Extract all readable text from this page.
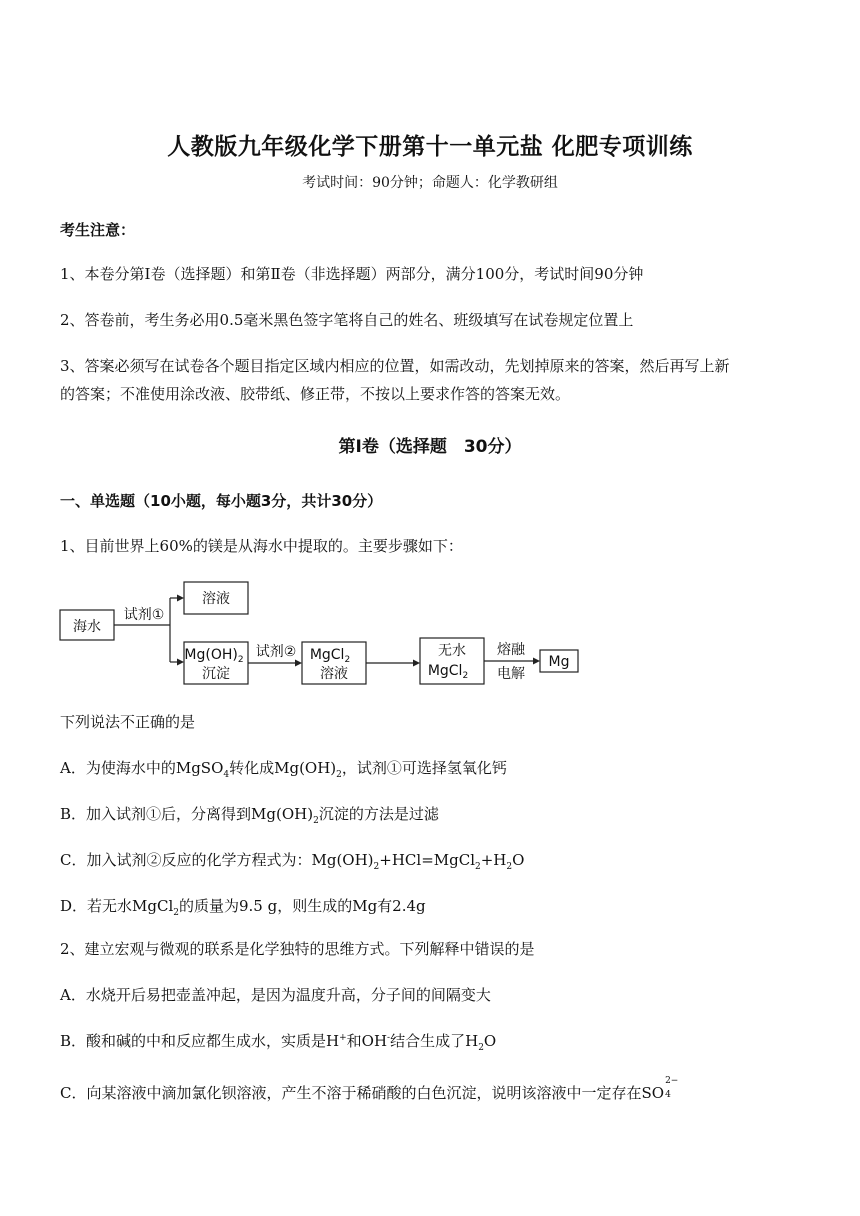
人教版九年级化学下册第十一单元盐 化肥专项训练
考试时间：90分钟；命题人：化学教研组
考生注意：
1、本卷分第Ⅰ卷（选择题）和第Ⅱ卷（非选择题）两部分，满分100分，考试时间90分钟
2、答卷前，考生务必用0.5毫米黑色签字笔将自己的姓名、班级填写在试卷规定位置上
3、答案必须写在试卷各个题目指定区域内相应的位置，如需改动，先划掉原来的答案，然后再写上新
的答案；不准使用涂改液、胶带纸、修正带，不按以上要求作答的答案无效。
第Ⅰ卷（选择题　30分）
一、单选题（10小题，每小题3分，共计30分）
1、目前世界上60%的镁是从海水中提取的。主要步骤如下：
海水
试剂①
溶液
$Mg(OH)_2$
沉淀
试剂② MgCl$_2$
溶液
无水
MgCl$_2$
熔融
电解
Mg
下列说法不正确的是
A．为使海水中的MgSO$_4$转化成$Mg(OH)_2$，试剂①可选择氢氧化钙
B．加入试剂①后，分离得到$Mg(OH)_2$沉淀的方法是过滤
C．加入试剂②反应的化学方程式为：$Mg(OH)_2+HCl=MgCl_2+H_2O$
D．若无水MgCl$_2$的质量为9.5 g，则生成的Mg有2.4g
2、建立宏观与微观的联系是化学独特的思维方式。下列解释中错误的是
A．水烧开后易把壶盖冲起，是因为温度升高，分子间的间隔变大
B．酸和碱的中和反应都生成水，实质是H+和OH-结合生成了$H_2O$
C．向某溶液中滴加氯化钡溶液，产生不溶于稀硝酸的白色沉淀，说明该溶液中一定存在SO
2−
4
